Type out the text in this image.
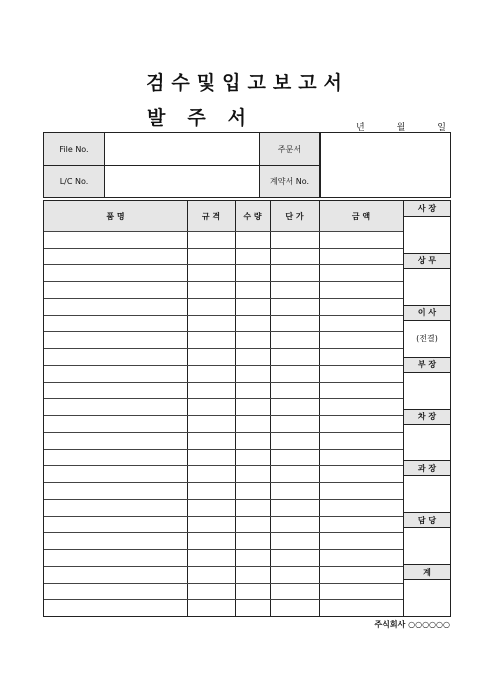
검수및입고보고서
발주서	년	월	일
File No.	주문서
L/C No.	계약서 No.
품 명	규 격	수 량	단 가	금 액
사 장
상 무
이 사
(전결)
부 장
차 장
과 장
담 당
계
주식회사 ○○○○○○
